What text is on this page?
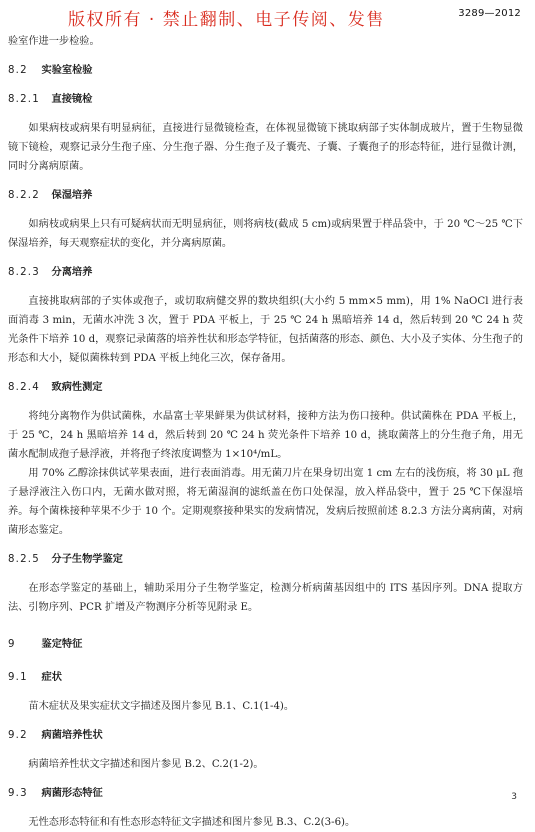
版权所有 · 禁止翻制、电子传阅、发售	3289—2012

验室作进一步检验。

8.2 实验室检验
8.2.1 直接镜检

如果病枝或病果有明显病征，直接进行显微镜检查，在体视显微镜下挑取病部子实体制成玻片，置于生物显微镜下镜检，观察记录分生孢子座、分生孢子器、分生孢子及子囊壳、子囊、子囊孢子的形态特征，进行显微计测，同时分离病原菌。

8.2.2 保湿培养

如病枝或病果上只有可疑病状而无明显病征，则将病枝(截成 5 cm)或病果置于样品袋中，于 20 ℃～25 ℃下保湿培养，每天观察症状的变化，并分离病原菌。

8.2.3 分离培养

直接挑取病部的子实体或孢子，或切取病健交界的数块组织(大小约 5 mm×5 mm)，用 1% NaOCl 进行表面消毒 3 min，无菌水冲洗 3 次，置于 PDA 平板上，于 25 ℃ 24 h 黑暗培养 14 d，然后转到 20 ℃ 24 h 荧光条件下培养 10 d，观察记录菌落的培养性状和形态学特征，包括菌落的形态、颜色、大小及子实体、分生孢子的形态和大小，疑似菌株转到 PDA 平板上纯化三次，保存备用。

8.2.4 致病性测定

将纯分离物作为供试菌株，水晶富士苹果鲜果为供试材料，接种方法为伤口接种。供试菌株在 PDA 平板上，于 25 ℃，24 h 黑暗培养 14 d，然后转到 20 ℃ 24 h 荧光条件下培养 10 d，挑取菌落上的分生孢子角，用无菌水配制成孢子悬浮液，并将孢子终浓度调整为 1×10⁴/mL。

用 70% 乙醇涂抹供试苹果表面，进行表面消毒。用无菌刀片在果身切出宽 1 cm 左右的浅伤痕，将 30 μL 孢子悬浮液注入伤口内，无菌水做对照，将无菌湿润的滤纸盖在伤口处保湿，放入样品袋中，置于 25 ℃下保湿培养。每个菌株接种苹果不少于 10 个。定期观察接种果实的发病情况，发病后按照前述 8.2.3 方法分离病菌，对病菌形态鉴定。

8.2.5 分子生物学鉴定

在形态学鉴定的基础上，辅助采用分子生物学鉴定，检测分析病菌基因组中的 ITS 基因序列。DNA 提取方法、引物序列、PCR 扩增及产物测序分析等见附录 E。

9	鉴定特征
9.1 症状

苗木症状及果实症状文字描述及图片参见 B.1、C.1(1-4)。

9.2 病菌培养性状

病菌培养性状文字描述和图片参见 B.2、C.2(1-2)。

9.3 病菌形态特征

无性态形态特征和有性态形态特征文字描述和图片参见 B.3、C.2(3-6)。

3
